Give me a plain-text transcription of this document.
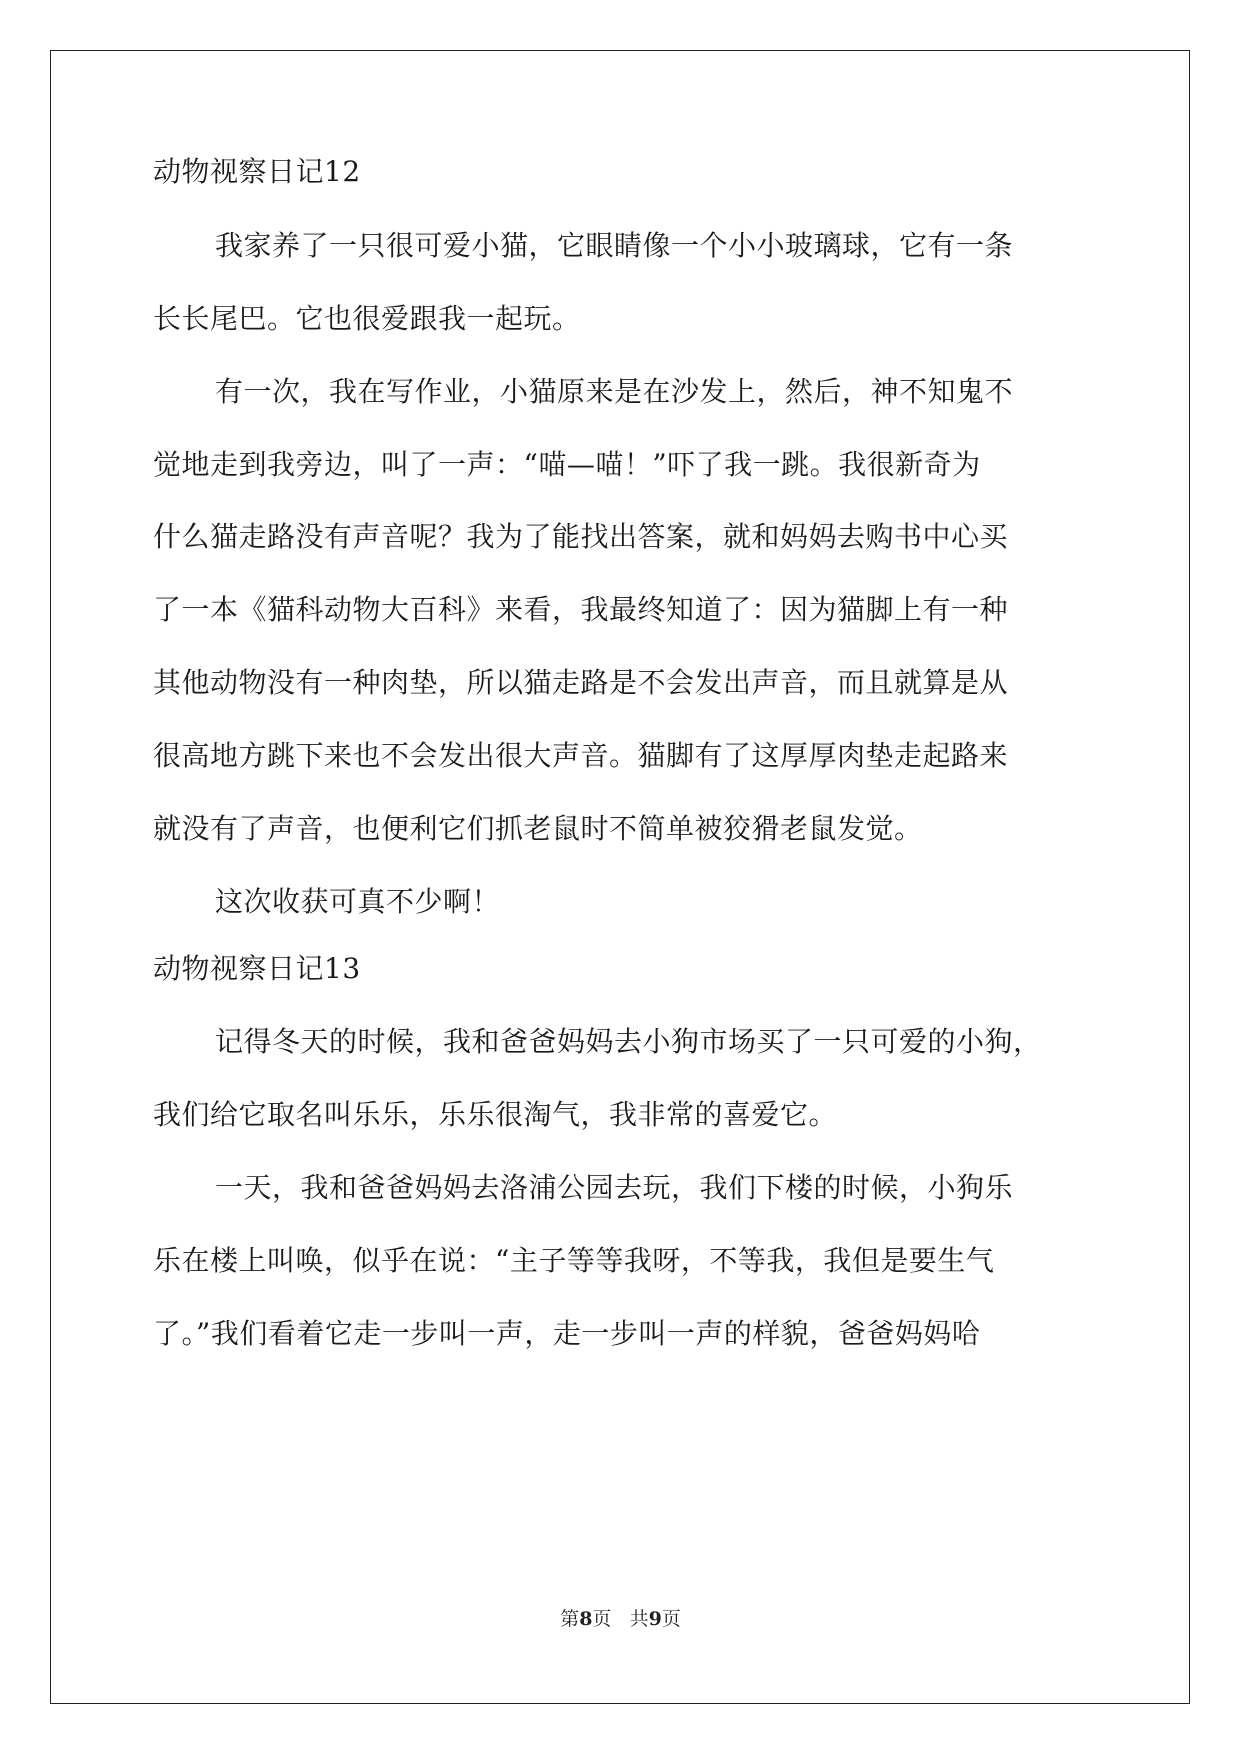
动物视察日记12
我家养了一只很可爱小猫，它眼睛像一个小小玻璃球，它有一条
长长尾巴。它也很爱跟我一起玩。
有一次，我在写作业，小猫原来是在沙发上，然后，神不知鬼不
觉地走到我旁边，叫了一声：“喵—喵！”吓了我一跳。我很新奇为
什么猫走路没有声音呢？我为了能找出答案，就和妈妈去购书中心买
了一本《猫科动物大百科》来看，我最终知道了：因为猫脚上有一种
其他动物没有一种肉垫，所以猫走路是不会发出声音，而且就算是从
很高地方跳下来也不会发出很大声音。猫脚有了这厚厚肉垫走起路来
就没有了声音，也便利它们抓老鼠时不简单被狡猾老鼠发觉。
这次收获可真不少啊！
动物视察日记13
记得冬天的时候，我和爸爸妈妈去小狗市场买了一只可爱的小狗，
我们给它取名叫乐乐，乐乐很淘气，我非常的喜爱它。
一天，我和爸爸妈妈去洛浦公园去玩，我们下楼的时候，小狗乐
乐在楼上叫唤，似乎在说：“主子等等我呀，不等我，我但是要生气
了。”我们看着它走一步叫一声，走一步叫一声的样貌，爸爸妈妈哈
第8页 共9页
